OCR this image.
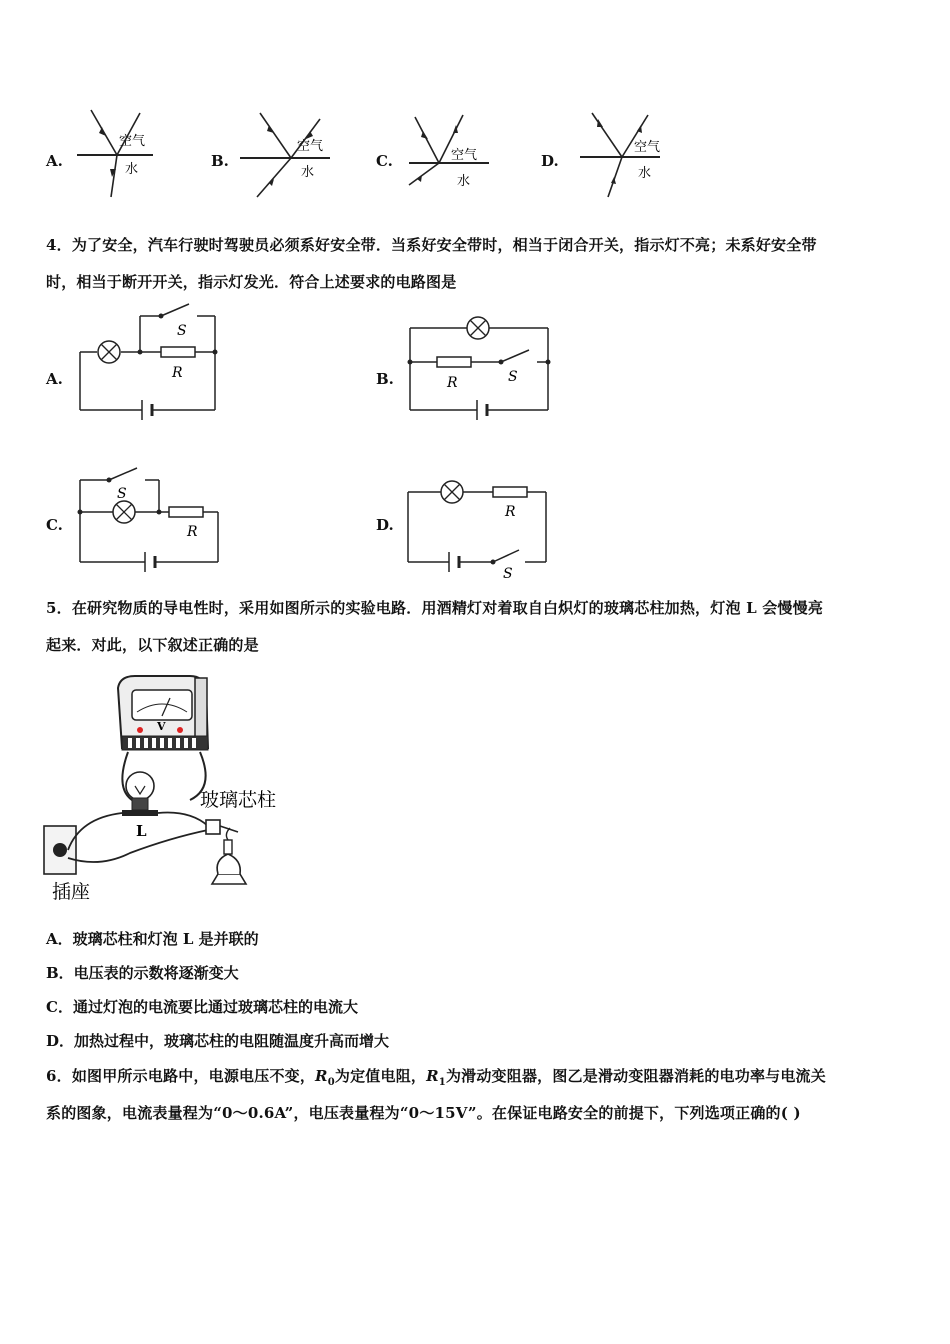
A.
空气
水	B.
空气
水
C.	空气
水
D.
空气
水
4．为了安全，汽车行驶时驾驶员必须系好安全带．当系好安全带时，相当于闭合开关，指示灯不亮；未系好安全带
时，相当于断开开关，指示灯发光．符合上述要求的电路图是
A.
S
R	B.	R	S
C.
S
R	D.
R
S
5．在研究物质的导电性时，采用如图所示的实验电路．用酒精灯对着取自白炽灯的玻璃芯柱加热，灯泡 L 会慢慢亮
起来．对此，以下叙述正确的是
V
L
插座
玻璃芯柱
A．玻璃芯柱和灯泡 L 是并联的
B．电压表的示数将逐渐变大
C．通过灯泡的电流要比通过玻璃芯柱的电流大
D．加热过程中，玻璃芯柱的电阻随温度升高而增大
6．如图甲所示电路中，电源电压不变，$R_0$为定值电阻，$R_1$为滑动变阻器，图乙是滑动变阻器消耗的电功率与电流关
系的图象，电流表量程为“0～0.6A”，电压表量程为“0～15V”。在保证电路安全的前提下，下列选项正确的( )
